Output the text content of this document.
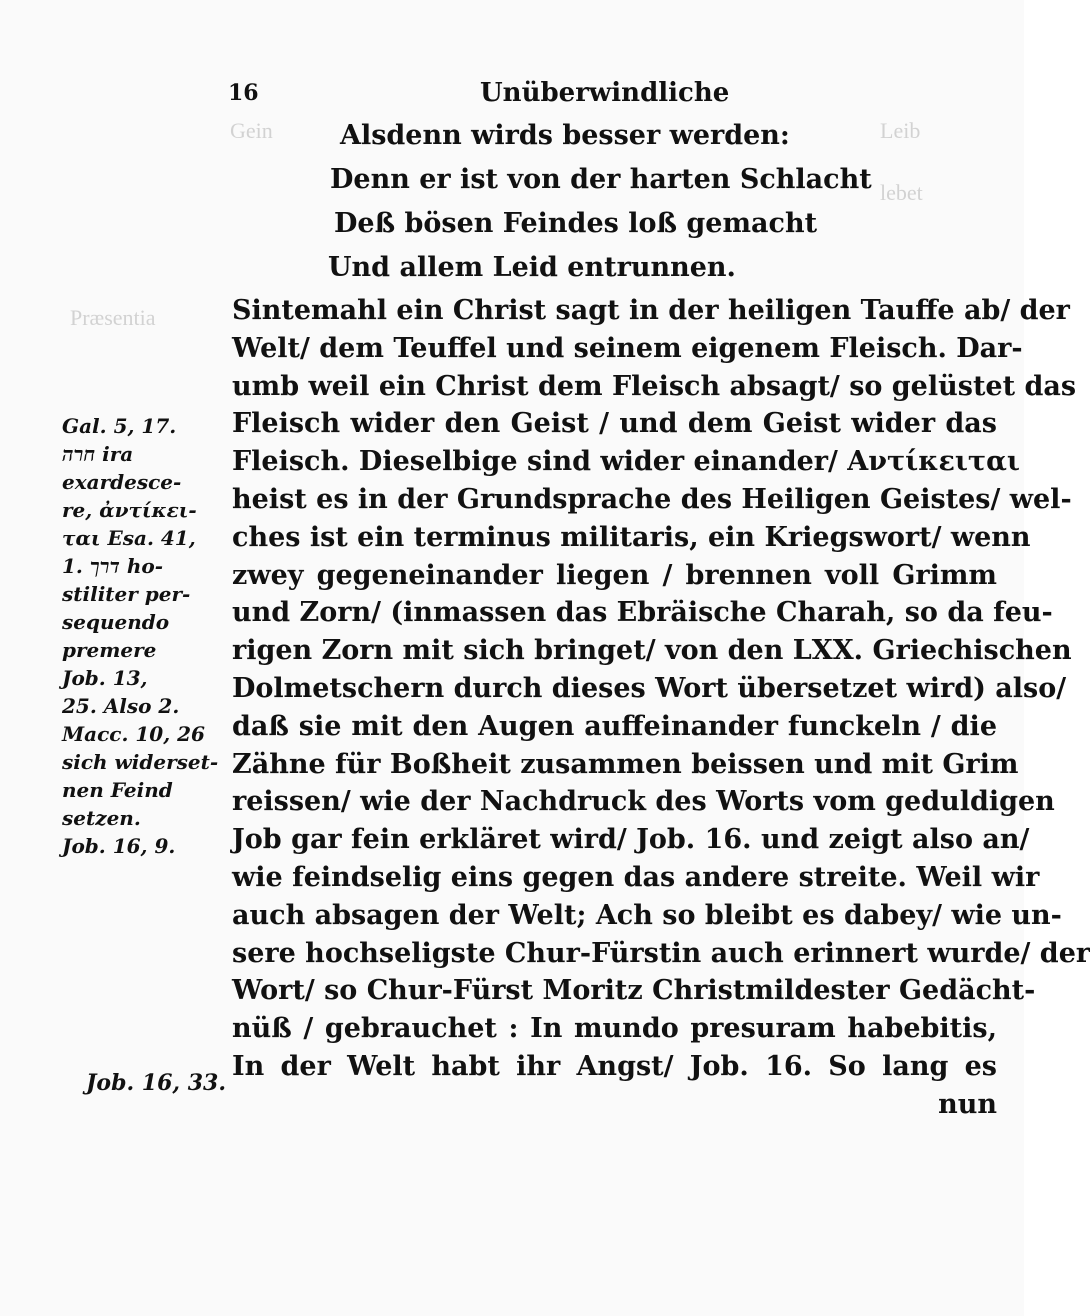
Gein	Leib
lebet
Præsentia
16	Unüberwindliche
Alsdenn wirds besser werden:
Denn er ist von der harten Schlacht
Deß bösen Feindes loß gemacht
Und allem Leid entrunnen.
Sintemahl ein Christ sagt in der heiligen Tauffe ab/ der
Welt/ dem Teuffel und seinem eigenem Fleisch. Dar-
umb weil ein Christ dem Fleisch absagt/ so gelüstet das
Fleisch wider den Geist / und dem Geist wider das
Fleisch. Dieselbige sind wider einander/ Αντίκειται
heist es in der Grundsprache des Heiligen Geistes/ wel-
ches ist ein terminus militaris, ein Kriegswort/ wenn
zwey gegeneinander liegen / brennen voll Grimm
und Zorn/ (inmassen das Ebräische Charah, so da feu-
rigen Zorn mit sich bringet/ von den LXX. Griechischen
Dolmetschern durch dieses Wort übersetzet wird) also/
daß sie mit den Augen auffeinander funckeln / die
Zähne für Boßheit zusammen beissen und mit Grim
reissen/ wie der Nachdruck des Worts vom geduldigen
Job gar fein erkläret wird/ Job. 16. und zeigt also an/
wie feindselig eins gegen das andere streite. Weil wir
auch absagen der Welt; Ach so bleibt es dabey/ wie un-
sere hochseligste Chur-Fürstin auch erinnert wurde/ der
Wort/ so Chur-Fürst Moritz Christmildester Gedächt-
nüß / gebrauchet : In mundo presuram habebitis,
In der Welt habt ihr Angst/ Job. 16. So lang es
nun
Gal. 5, 17.
חרה ira
exardesce-
re, ἀντίκει-
ται Esa. 41,
1. דרך ho-
stiliter per-
sequendo
premere
Job. 13,
25. Also 2.
Macc. 10, 26
sich widerset-
nen Feind
setzen.
Job. 16, 9.
Job. 16, 33.
